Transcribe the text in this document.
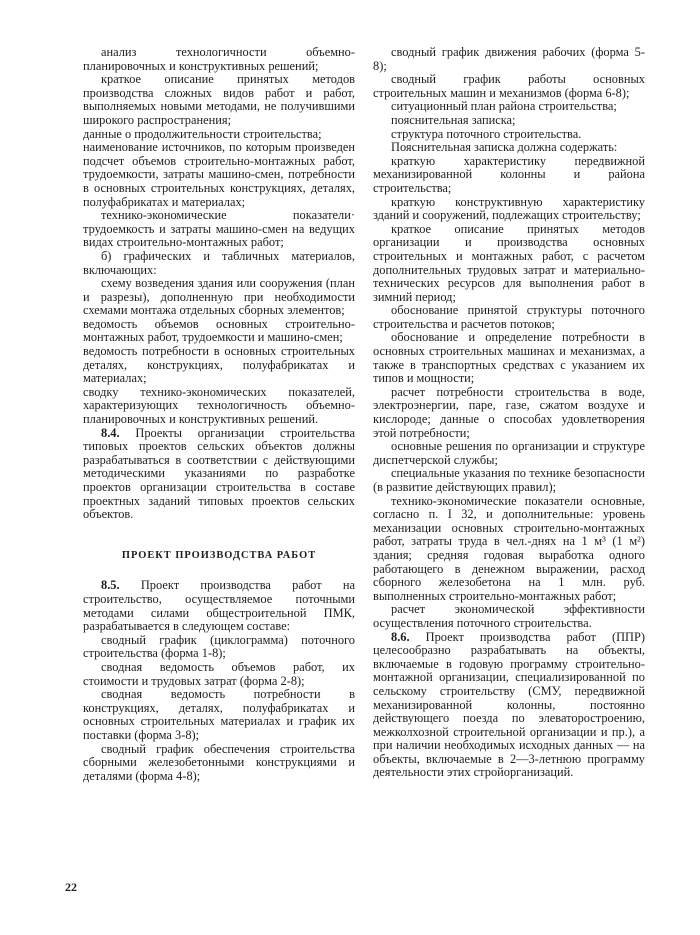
анализ технологичности объемно-планировочных и конструктивных решений;

краткое описание принятых методов производства сложных видов работ и работ, выполняемых новыми методами, не получившими широкого распространения;

данные о продолжительности строительства;

наименование источников, по которым произведен подсчет объемов строительно-монтажных работ, трудоемкости, затраты машино-смен, потребности в основных строительных конструкциях, деталях, полуфабрикатах и материалах;

технико-экономические показатели· трудоемкость и затраты машино-смен на ведущих видах строительно-монтажных работ;

б) графических и табличных материалов, включающих:

схему возведения здания или сооружения (план и разрезы), дополненную при необходимости схемами монтажа отдельных сборных элементов;

ведомость объемов основных строительно-монтажных работ, трудоемкости и машино-смен;

ведомость потребности в основных строительных деталях, конструкциях, полуфабрикатах и материалах;

сводку технико-экономических показателей, характеризующих технологичность объемно-планировочных и конструктивных решений.

8.4. Проекты организации строительства типовых проектов сельских объектов должны разрабатываться в соответствии с действующими методическими указаниями по разработке проектов организации строительства в составе проектных заданий типовых проектов сельских объектов.

ПРОЕКТ ПРОИЗВОДСТВА РАБОТ

8.5. Проект производства работ на строительство, осуществляемое поточными методами силами общестроительной ПМК, разрабатывается в следующем составе:

сводный график (циклограмма) поточного строительства (форма 1-8);

сводная ведомость объемов работ, их стоимости и трудовых затрат (форма 2-8);

сводная ведомость потребности в конструкциях, деталях, полуфабрикатах и основных строительных материалах и график их поставки (форма 3-8);

сводный график обеспечения строительства сборными железобетонными конструкциями и деталями (форма 4-8);

сводный график движения рабочих (форма 5-8);

сводный график работы основных строительных машин и механизмов (форма 6-8);

ситуационный план района строительства;

пояснительная записка;

структура поточного строительства.

Пояснительная записка должна содержать:

краткую характеристику передвижной механизированной колонны и района строительства;

краткую конструктивную характеристику зданий и сооружений, подлежащих строительству;

краткое описание принятых методов организации и производства основных строительных и монтажных работ, с расчетом дополнительных трудовых затрат и материально-технических ресурсов для выполнения работ в зимний период;

обоснование принятой структуры поточного строительства и расчетов потоков;

обоснование и определение потребности в основных строительных машинах и механизмах, а также в транспортных средствах с указанием их типов и мощности;

расчет потребности строительства в воде, электроэнергии, паре, газе, сжатом воздухе и кислороде; данные о способах удовлетворения этой потребности;

основные решения по организации и структуре диспетчерской службы;

специальные указания по технике безопасности (в развитие действующих правил);

технико-экономические показатели основные, согласно п. I 32, и дополнительные: уровень механизации основных строительно-монтажных работ, затраты труда в чел.-днях на 1 м³ (1 м²) здания; средняя годовая выработка одного работающего в денежном выражении, расход сборного железобетона на 1 млн. руб. выполненных строительно-монтажных работ;

расчет экономической эффективности осуществления поточного строительства.

8.6. Проект производства работ (ППР) целесообразно разрабатывать на объекты, включаемые в годовую программу строительно-монтажной организации, специализированной по сельскому строительству (СМУ, передвижной механизированной колонны, постоянно действующего поезда по элеваторостроению, межколхозной строительной организации и пр.), а при наличии необходимых исходных данных — на объекты, включаемые в 2—3-летнюю программу деятельности этих стройорганизаций.

22
